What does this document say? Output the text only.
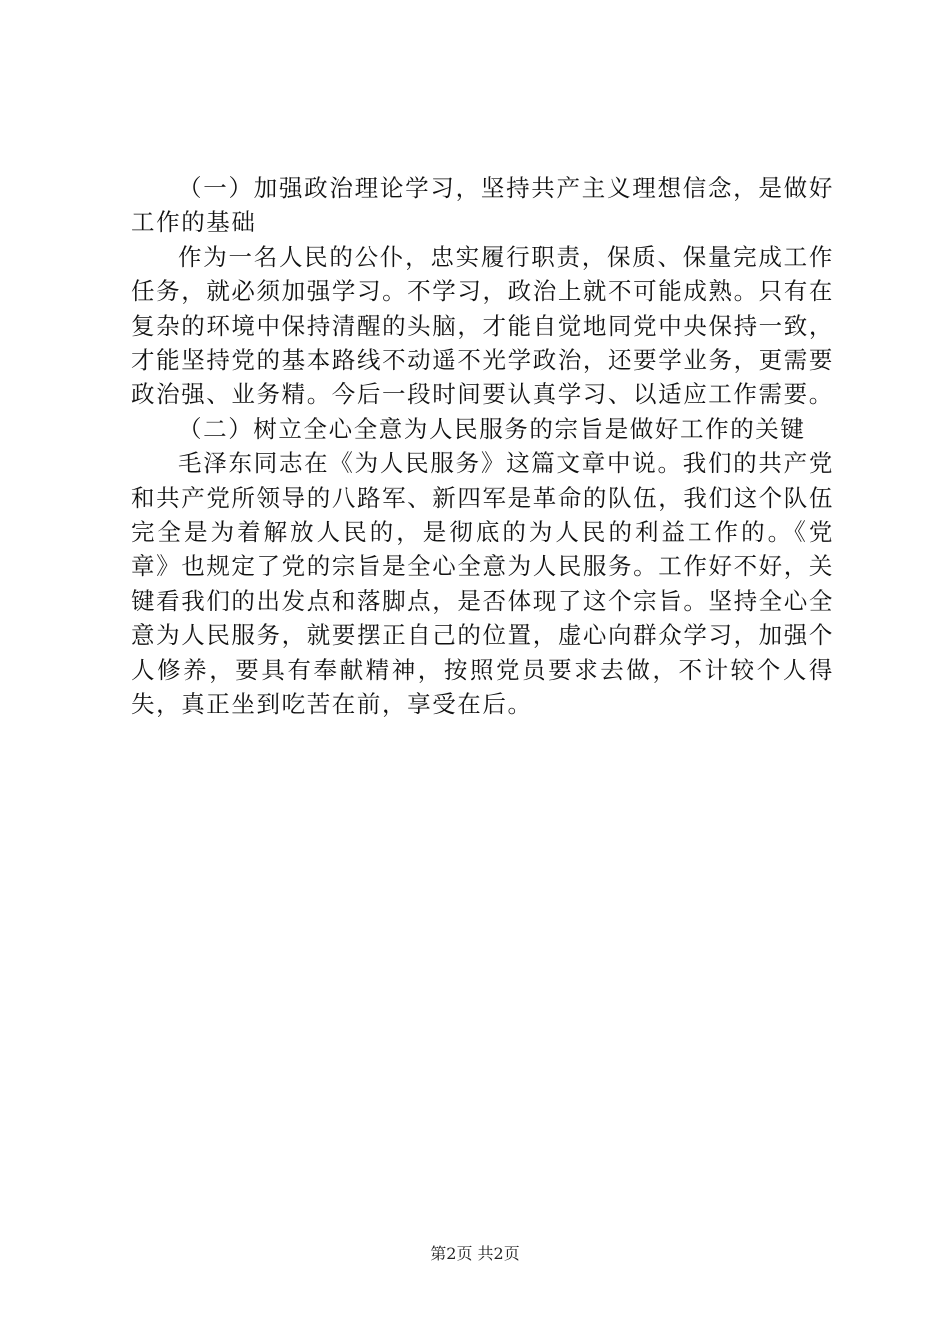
（一）加强政治理论学习，坚持共产主义理想信念，是做好工作的基础

作为一名人民的公仆，忠实履行职责，保质、保量完成工作任务，就必须加强学习。不学习，政治上就不可能成熟。只有在复杂的环境中保持清醒的头脑，才能自觉地同党中央保持一致，才能坚持党的基本路线不动遥不光学政治，还要学业务，更需要政治强、业务精。今后一段时间要认真学习、以适应工作需要。

（二）树立全心全意为人民服务的宗旨是做好工作的关键

毛泽东同志在《为人民服务》这篇文章中说。我们的共产党和共产党所领导的八路军、新四军是革命的队伍，我们这个队伍完全是为着解放人民的，是彻底的为人民的利益工作的。《党章》也规定了党的宗旨是全心全意为人民服务。工作好不好，关键看我们的出发点和落脚点，是否体现了这个宗旨。坚持全心全意为人民服务，就要摆正自己的位置，虚心向群众学习，加强个人修养，要具有奉献精神，按照党员要求去做，不计较个人得失，真正坐到吃苦在前，享受在后。

第2页 共2页
